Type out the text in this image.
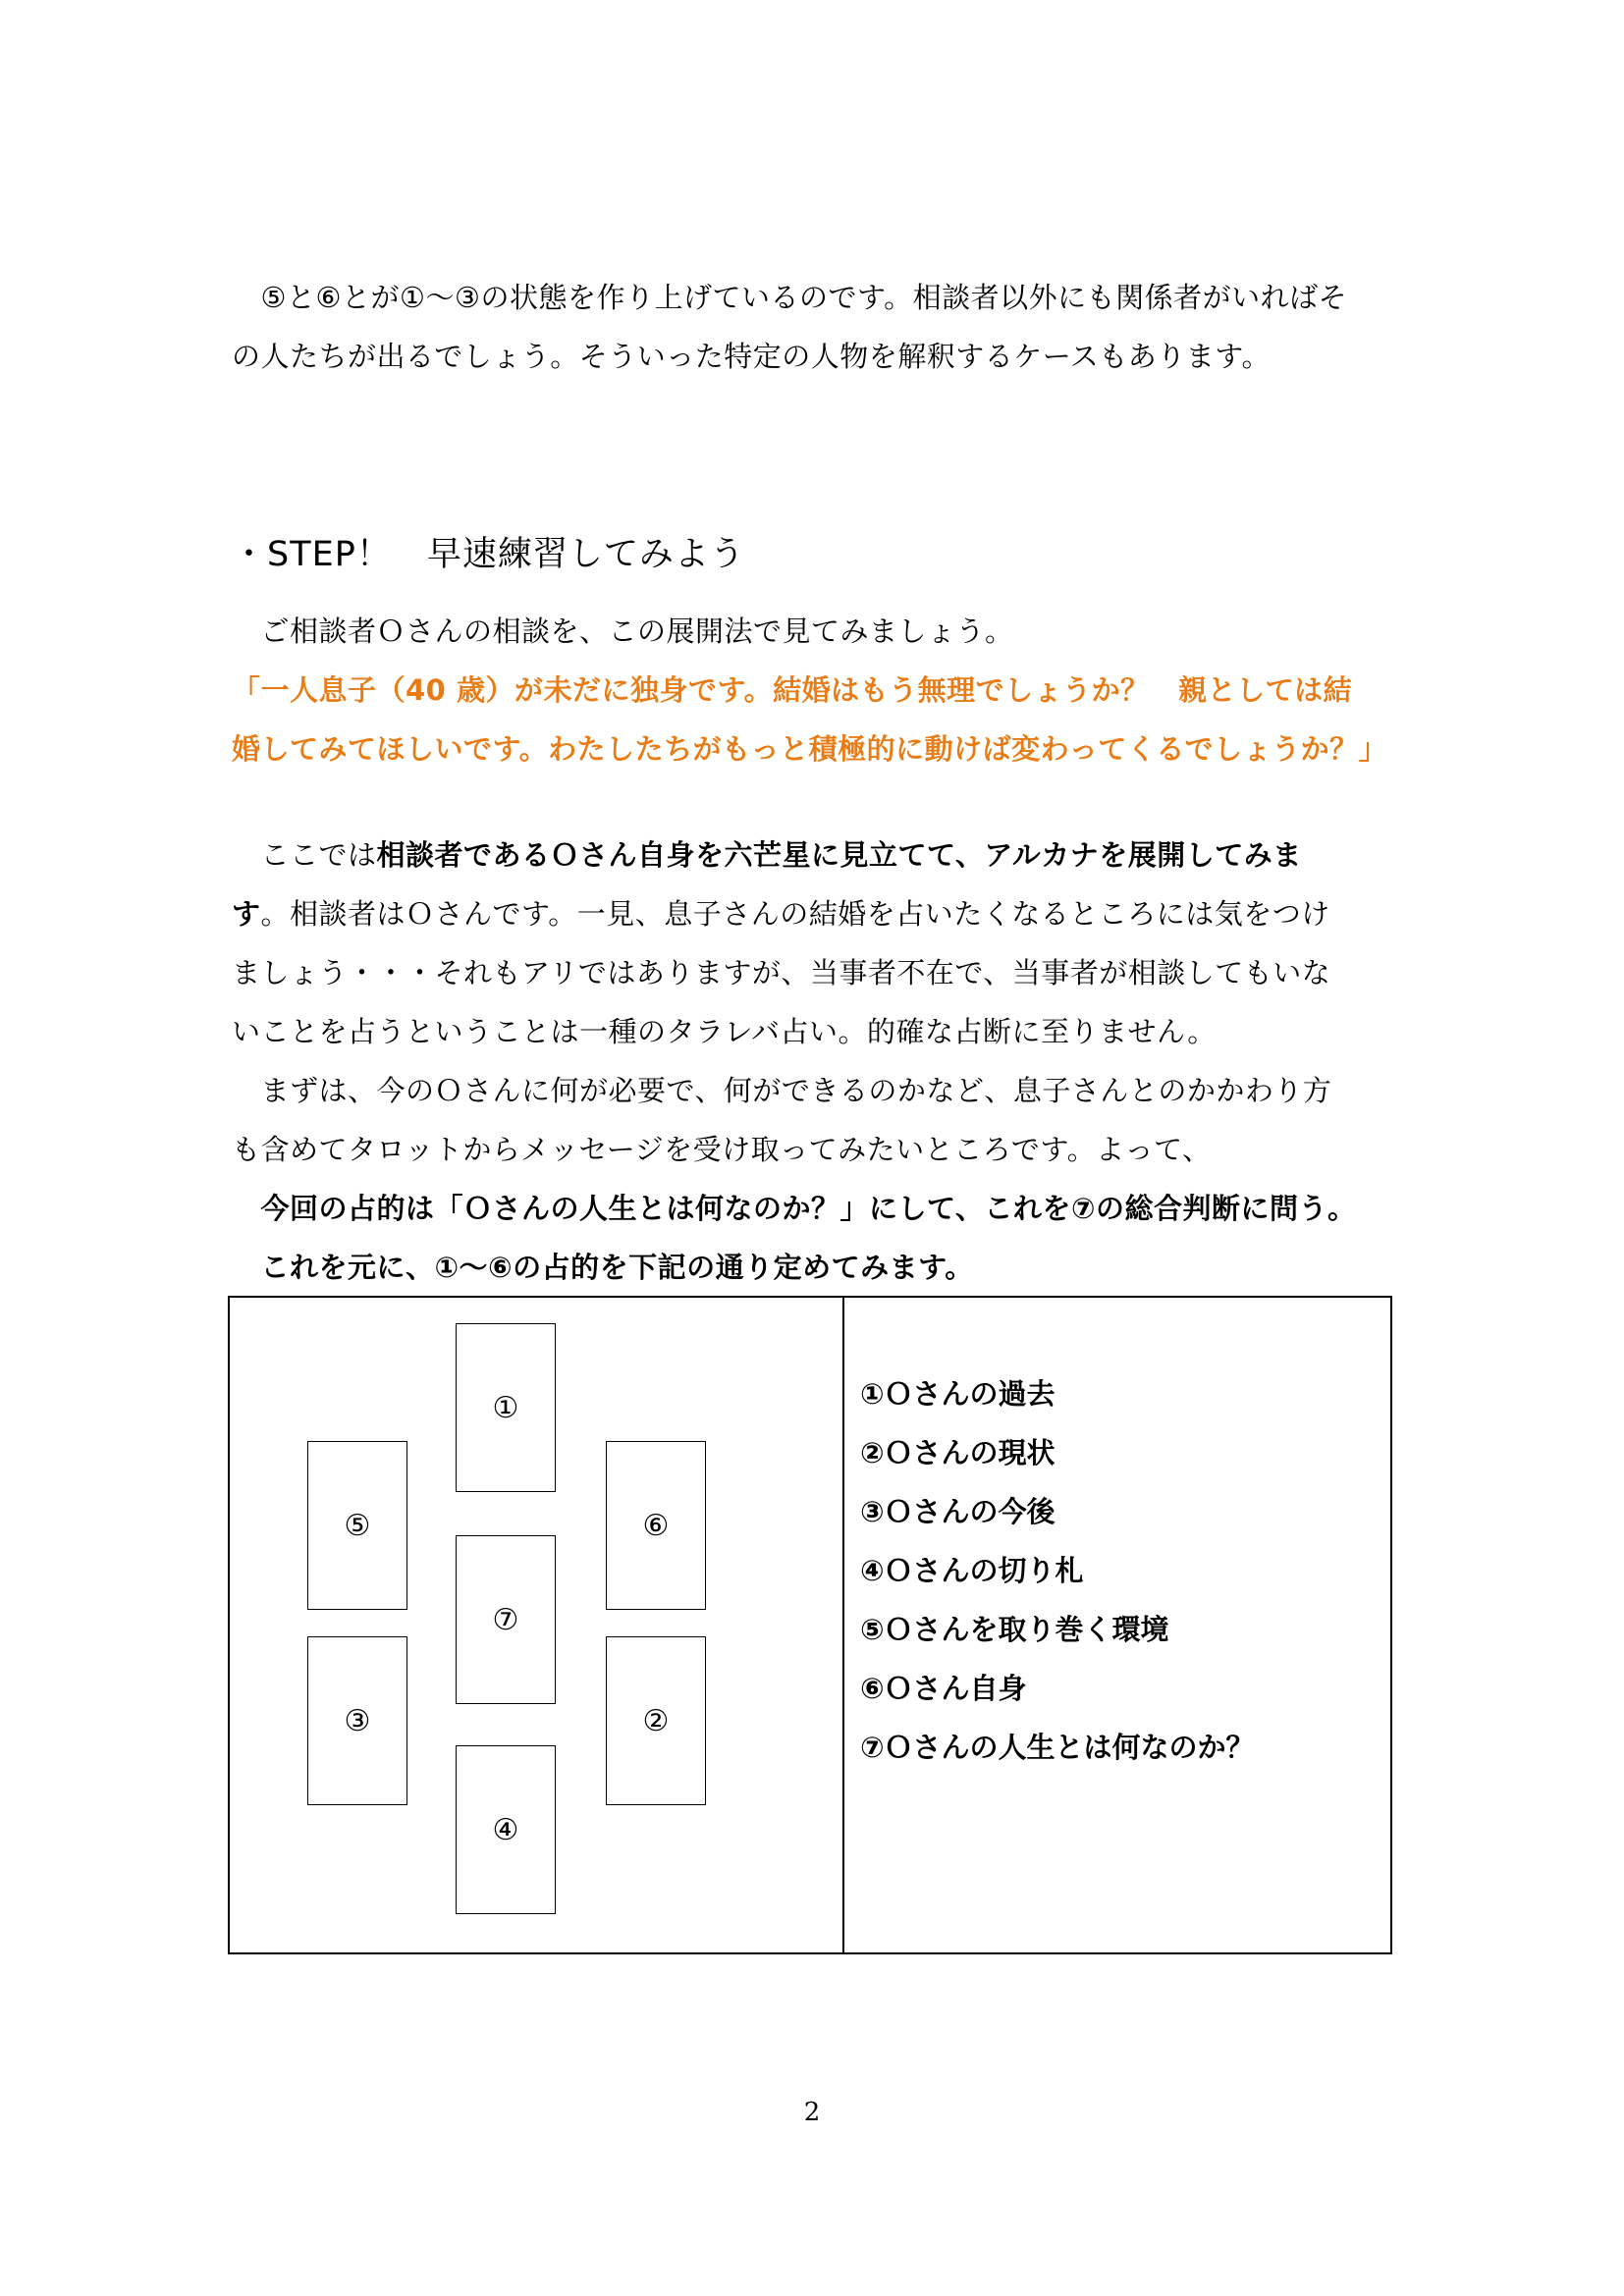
　⑤と⑥とが①～③の状態を作り上げているのです。相談者以外にも関係者がいればそ
の人たちが出るでしょう。そういった特定の人物を解釈するケースもあります。
・STEP！　早速練習してみよう
　ご相談者Ｏさんの相談を、この展開法で見てみましょう。
「一人息子（40 歳）が未だに独身です。結婚はもう無理でしょうか？　親としては結
婚してみてほしいです。わたしたちがもっと積極的に動けば変わってくるでしょうか？」
　ここでは相談者であるＯさん自身を六芒星に見立てて、アルカナを展開してみま
す。相談者はＯさんです。一見、息子さんの結婚を占いたくなるところには気をつけ
ましょう・・・それもアリではありますが、当事者不在で、当事者が相談してもいな
いことを占うということは一種のタラレバ占い。的確な占断に至りません。
　まずは、今のＯさんに何が必要で、何ができるのかなど、息子さんとのかかわり方
も含めてタロットからメッセージを受け取ってみたいところです。よって、
　今回の占的は「Ｏさんの人生とは何なのか？」にして、これを⑦の総合判断に問う。
　これを元に、①～⑥の占的を下記の通り定めてみます。
①
⑤	⑥
⑦
③	②
④
①Ｏさんの過去
②Ｏさんの現状
③Ｏさんの今後
④Ｏさんの切り札
⑤Ｏさんを取り巻く環境
⑥Ｏさん自身
⑦Ｏさんの人生とは何なのか？
2
